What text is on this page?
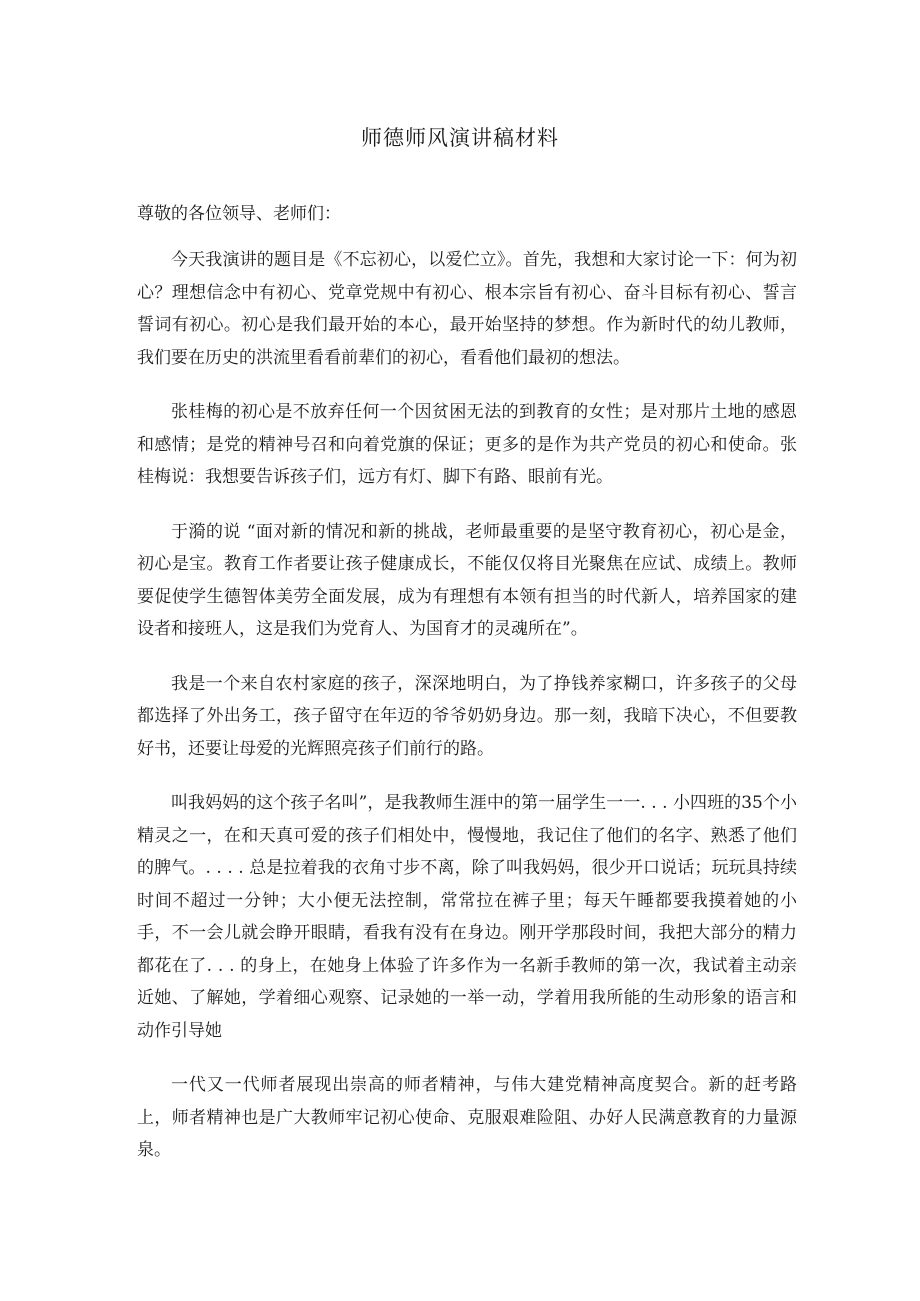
师德师风演讲稿材料

尊敬的各位领导、老师们：

今天我演讲的题目是《不忘初心，以爱伫立》。首先，我想和大家讨论一下：何为初心？理想信念中有初心、党章党规中有初心、根本宗旨有初心、奋斗目标有初心、誓言誓词有初心。初心是我们最开始的本心，最开始坚持的梦想。作为新时代的幼儿教师，我们要在历史的洪流里看看前辈们的初心，看看他们最初的想法。

张桂梅的初心是不放弃任何一个因贫困无法的到教育的女性；是对那片土地的感恩和感情；是党的精神号召和向着党旗的保证；更多的是作为共产党员的初心和使命。张桂梅说：我想要告诉孩子们，远方有灯、脚下有路、眼前有光。

于漪的说 “面对新的情况和新的挑战，老师最重要的是坚守教育初心，初心是金，初心是宝。教育工作者要让孩子健康成长，不能仅仅将目光聚焦在应试、成绩上。教师要促使学生德智体美劳全面发展，成为有理想有本领有担当的时代新人，培养国家的建设者和接班人，这是我们为党育人、为国育才的灵魂所在”。

我是一个来自农村家庭的孩子，深深地明白，为了挣钱养家糊口，许多孩子的父母都选择了外出务工，孩子留守在年迈的爷爷奶奶身边。那一刻，我暗下决心，不但要教好书，还要让母爱的光辉照亮孩子们前行的路。

叫我妈妈的这个孩子名叫”，是我教师生涯中的第一届学生一一. . . 小四班的35个小精灵之一，在和天真可爱的孩子们相处中，慢慢地，我记住了他们的名字、熟悉了他们的脾气。. . . . 总是拉着我的衣角寸步不离，除了叫我妈妈，很少开口说话；玩玩具持续时间不超过一分钟；大小便无法控制，常常拉在裤子里；每天午睡都要我摸着她的小手，不一会儿就会睁开眼睛，看我有没有在身边。刚开学那段时间，我把大部分的精力都花在了. . . 的身上，在她身上体验了许多作为一名新手教师的第一次，我试着主动亲近她、了解她，学着细心观察、记录她的一举一动，学着用我所能的生动形象的语言和动作引导她

一代又一代师者展现出崇高的师者精神，与伟大建党精神高度契合。新的赶考路上，师者精神也是广大教师牢记初心使命、克服艰难险阻、办好人民满意教育的力量源泉。
